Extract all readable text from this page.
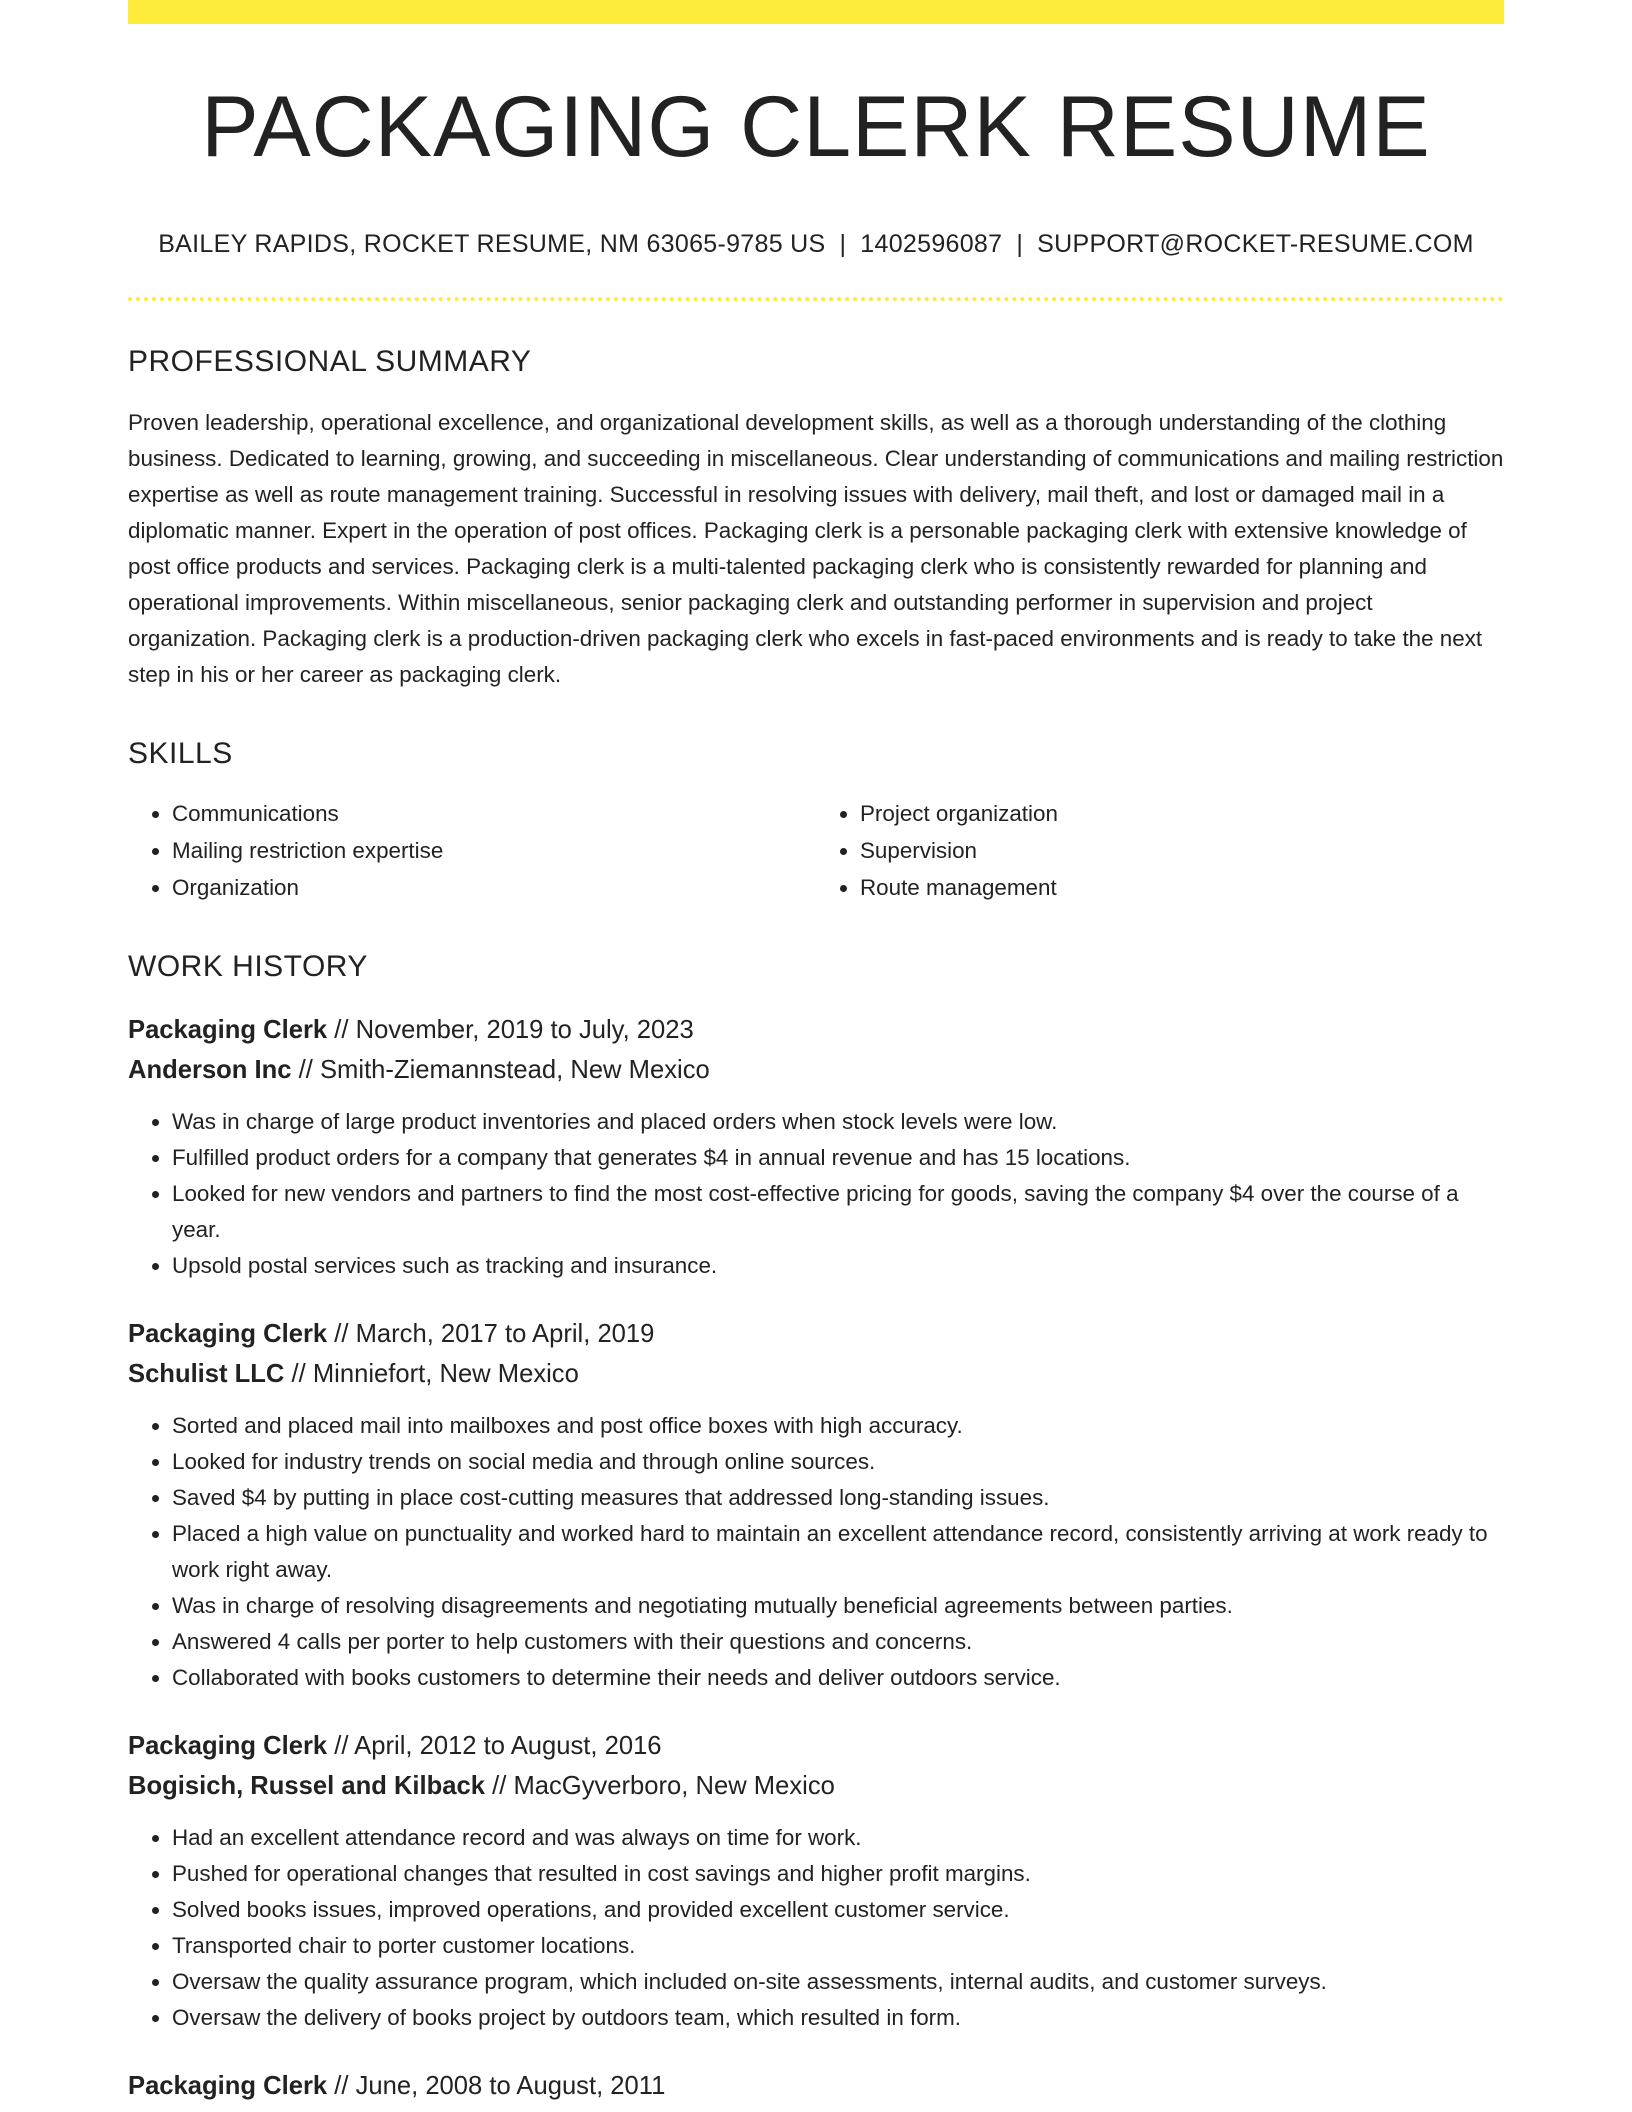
PACKAGING CLERK RESUME
BAILEY RAPIDS, ROCKET RESUME, NM 63065-9785 US | 1402596087 | SUPPORT@ROCKET-RESUME.COM
PROFESSIONAL SUMMARY
Proven leadership, operational excellence, and organizational development skills, as well as a thorough understanding of the clothing business. Dedicated to learning, growing, and succeeding in miscellaneous. Clear understanding of communications and mailing restriction expertise as well as route management training. Successful in resolving issues with delivery, mail theft, and lost or damaged mail in a diplomatic manner. Expert in the operation of post offices. Packaging clerk is a personable packaging clerk with extensive knowledge of post office products and services. Packaging clerk is a multi-talented packaging clerk who is consistently rewarded for planning and operational improvements. Within miscellaneous, senior packaging clerk and outstanding performer in supervision and project organization. Packaging clerk is a production-driven packaging clerk who excels in fast-paced environments and is ready to take the next step in his or her career as packaging clerk.
SKILLS
• Communications
• Mailing restriction expertise
• Organization
• Project organization
• Supervision
• Route management
WORK HISTORY
Packaging Clerk // November, 2019 to July, 2023
Anderson Inc // Smith-Ziemannstead, New Mexico
• Was in charge of large product inventories and placed orders when stock levels were low.
• Fulfilled product orders for a company that generates $4 in annual revenue and has 15 locations.
• Looked for new vendors and partners to find the most cost-effective pricing for goods, saving the company $4 over the course of a year.
• Upsold postal services such as tracking and insurance.
Packaging Clerk // March, 2017 to April, 2019
Schulist LLC // Minniefort, New Mexico
• Sorted and placed mail into mailboxes and post office boxes with high accuracy.
• Looked for industry trends on social media and through online sources.
• Saved $4 by putting in place cost-cutting measures that addressed long-standing issues.
• Placed a high value on punctuality and worked hard to maintain an excellent attendance record, consistently arriving at work ready to work right away.
• Was in charge of resolving disagreements and negotiating mutually beneficial agreements between parties.
• Answered 4 calls per porter to help customers with their questions and concerns.
• Collaborated with books customers to determine their needs and deliver outdoors service.
Packaging Clerk // April, 2012 to August, 2016
Bogisich, Russel and Kilback // MacGyverboro, New Mexico
• Had an excellent attendance record and was always on time for work.
• Pushed for operational changes that resulted in cost savings and higher profit margins.
• Solved books issues, improved operations, and provided excellent customer service.
• Transported chair to porter customer locations.
• Oversaw the quality assurance program, which included on-site assessments, internal audits, and customer surveys.
• Oversaw the delivery of books project by outdoors team, which resulted in form.
Packaging Clerk // June, 2008 to August, 2011
